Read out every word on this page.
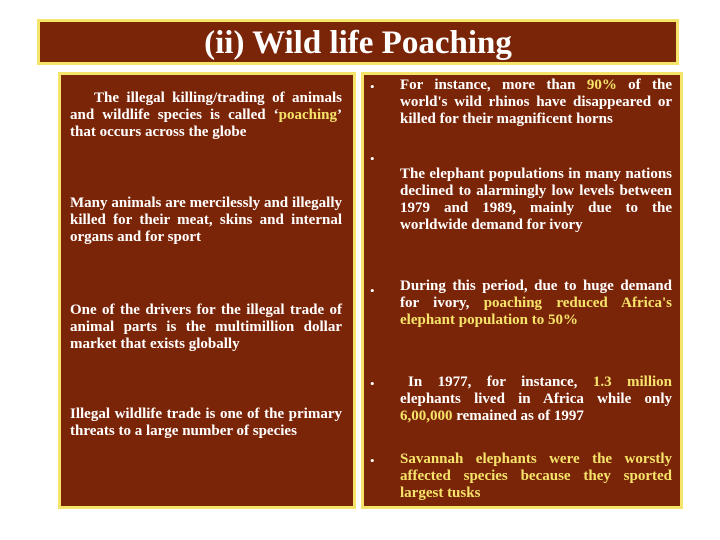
(ii) Wild life Poaching

The illegal killing/trading of animals and wildlife species is called ‘poaching’ that occurs across the globe

Many animals are mercilessly and illegally killed for their meat, skins and internal organs and for sport

One of the drivers for the illegal trade of animal parts is the multimillion dollar market that exists globally

Illegal wildlife trade is one of the primary threats to a large number of species

• For instance, more than 90% of the world's wild rhinos have disappeared or killed for their magnificent horns

•

The elephant populations in many nations declined to alarmingly low levels between 1979 and 1989, mainly due to the worldwide demand for ivory

• During this period, due to huge demand for ivory, poaching reduced Africa's elephant population to 50%

•	In 1977, for instance, 1.3 million elephants lived in Africa while only 6,00,000 remained as of 1997

• Savannah elephants were the worstly affected species because they sported largest tusks
